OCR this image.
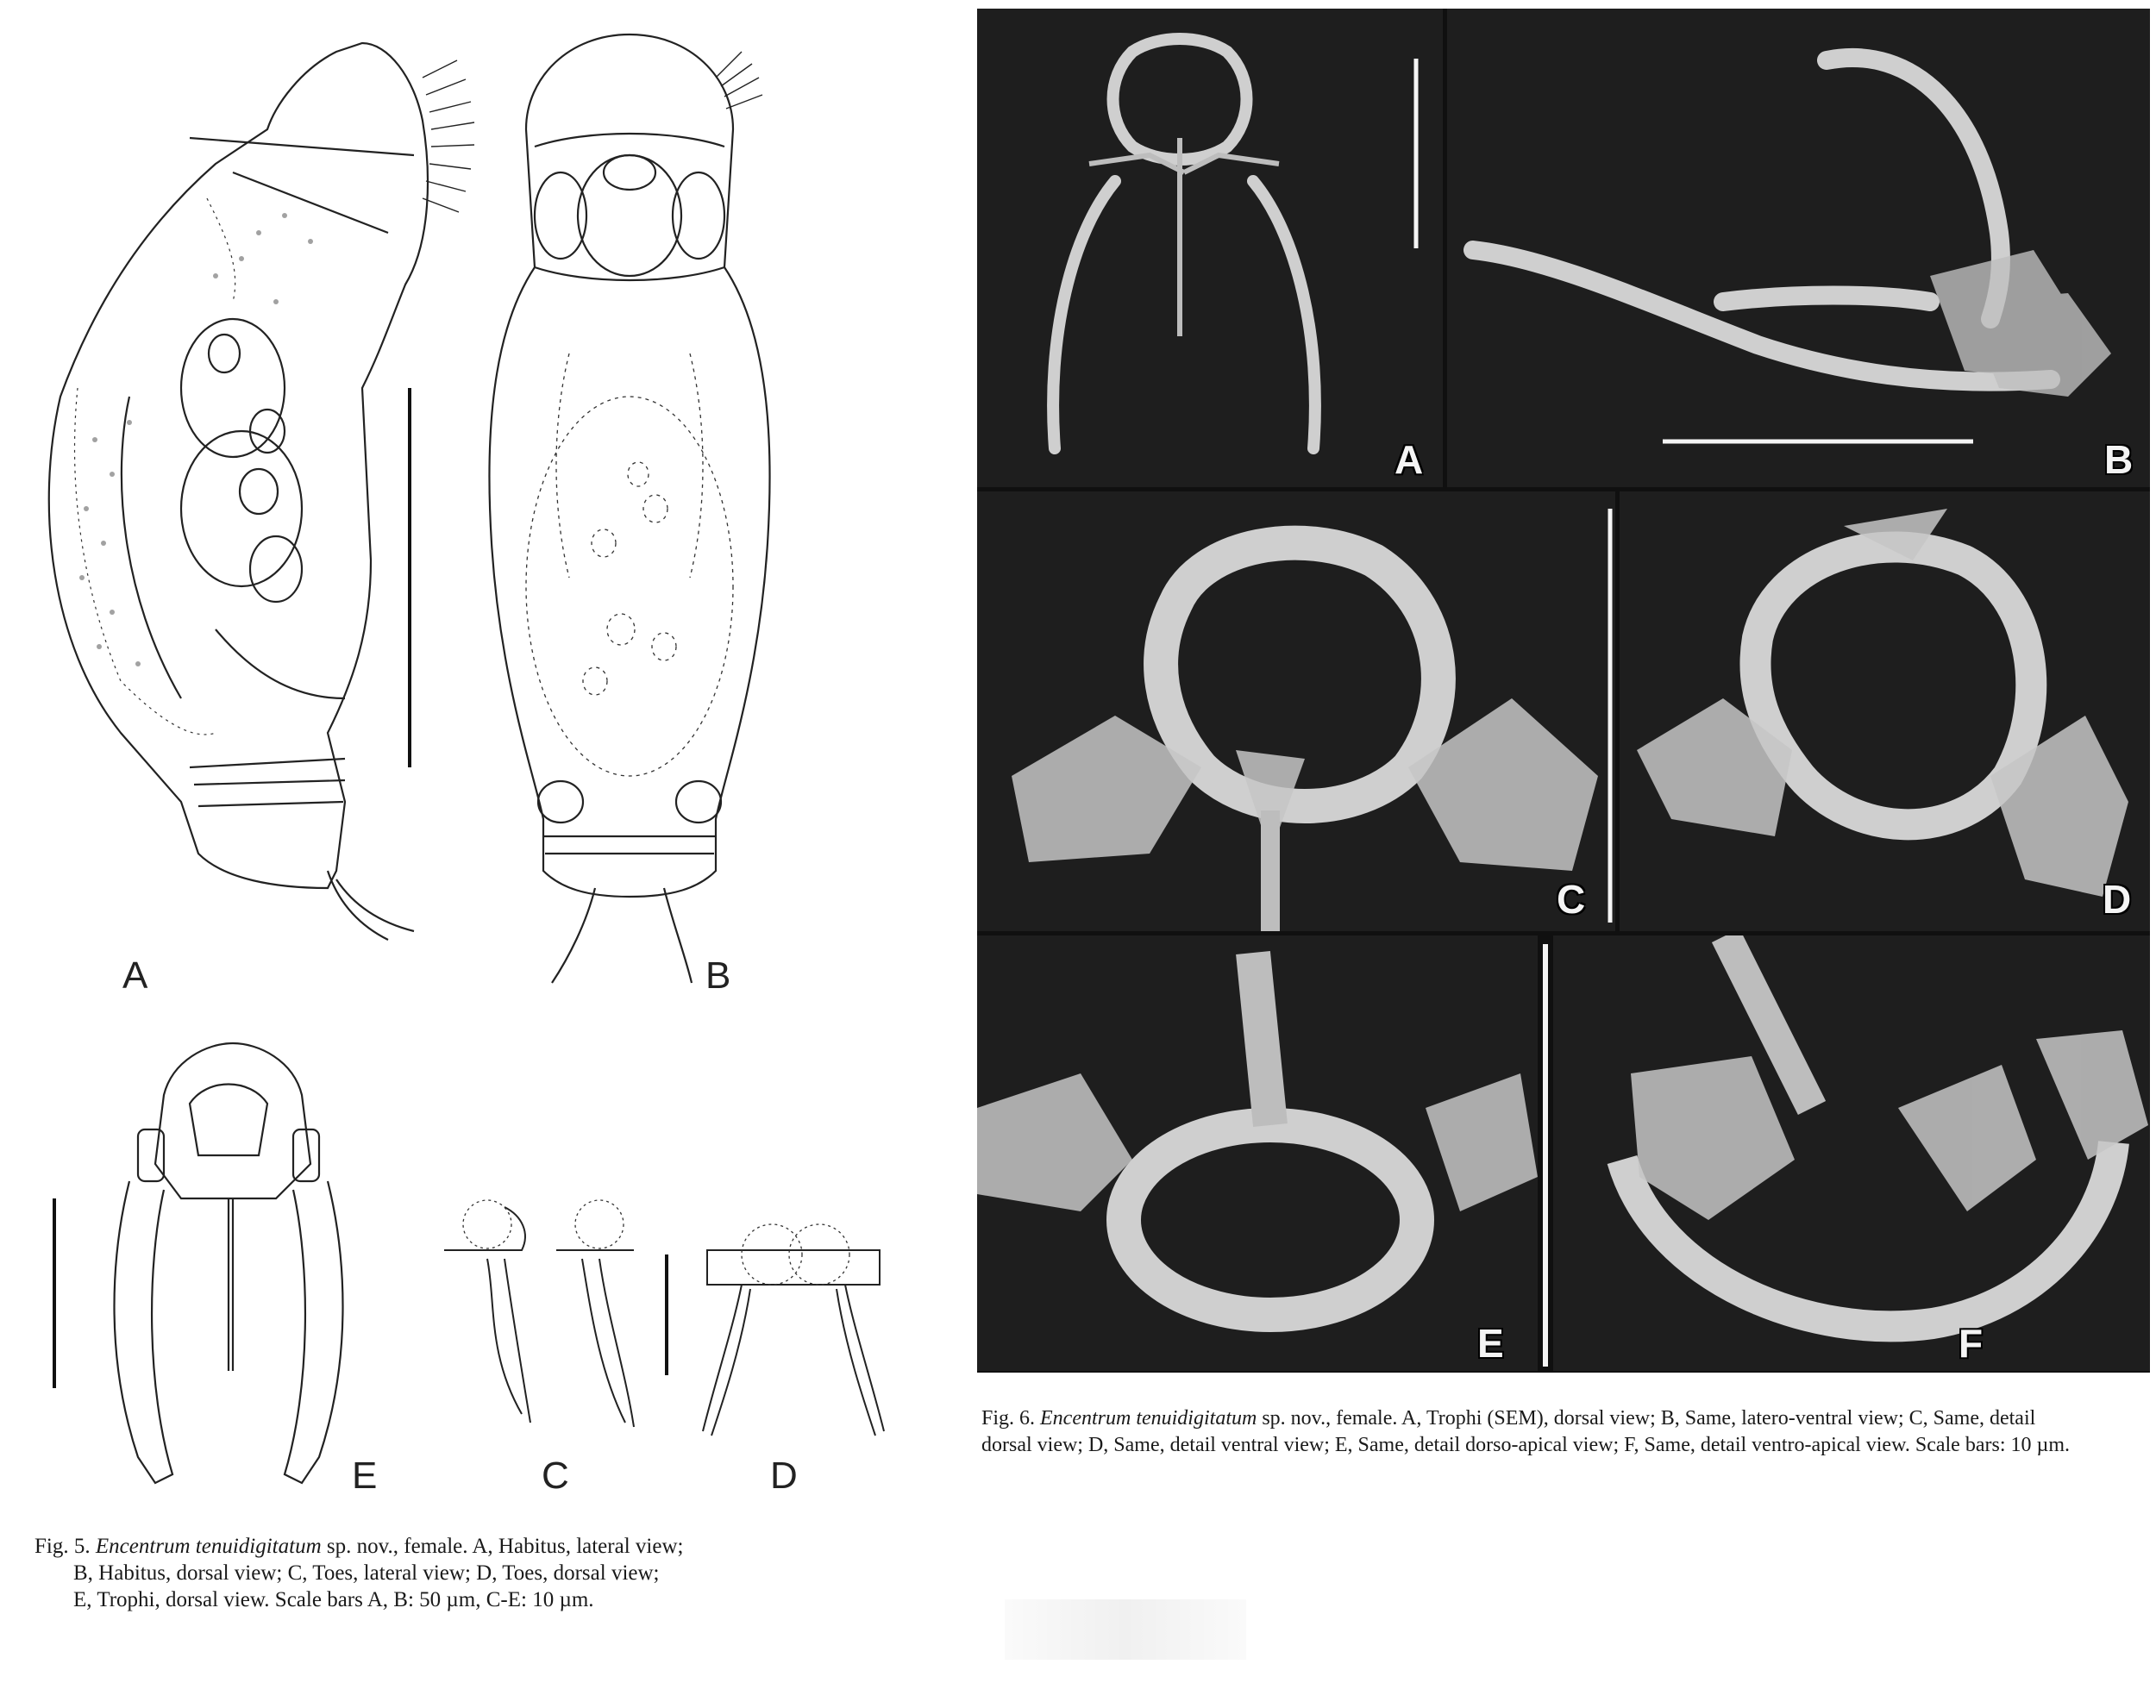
A	B
E	C	D
Fig. 5. Encentrum tenuidigitatum sp. nov., female. A, Habitus, lateral view;
B, Habitus, dorsal view; C, Toes, lateral view; D, Toes, dorsal view;
E, Trophi, dorsal view. Scale bars A, B: 50 µm, C-E: 10 µm.
A	B
C	D
E	F
Fig. 6. Encentrum tenuidigitatum sp. nov., female. A, Trophi (SEM), dorsal view; B, Same, latero-ventral view; C, Same, detail
dorsal view; D, Same, detail ventral view; E, Same, detail dorso-apical view; F, Same, detail ventro-apical view. Scale bars: 10 µm.
